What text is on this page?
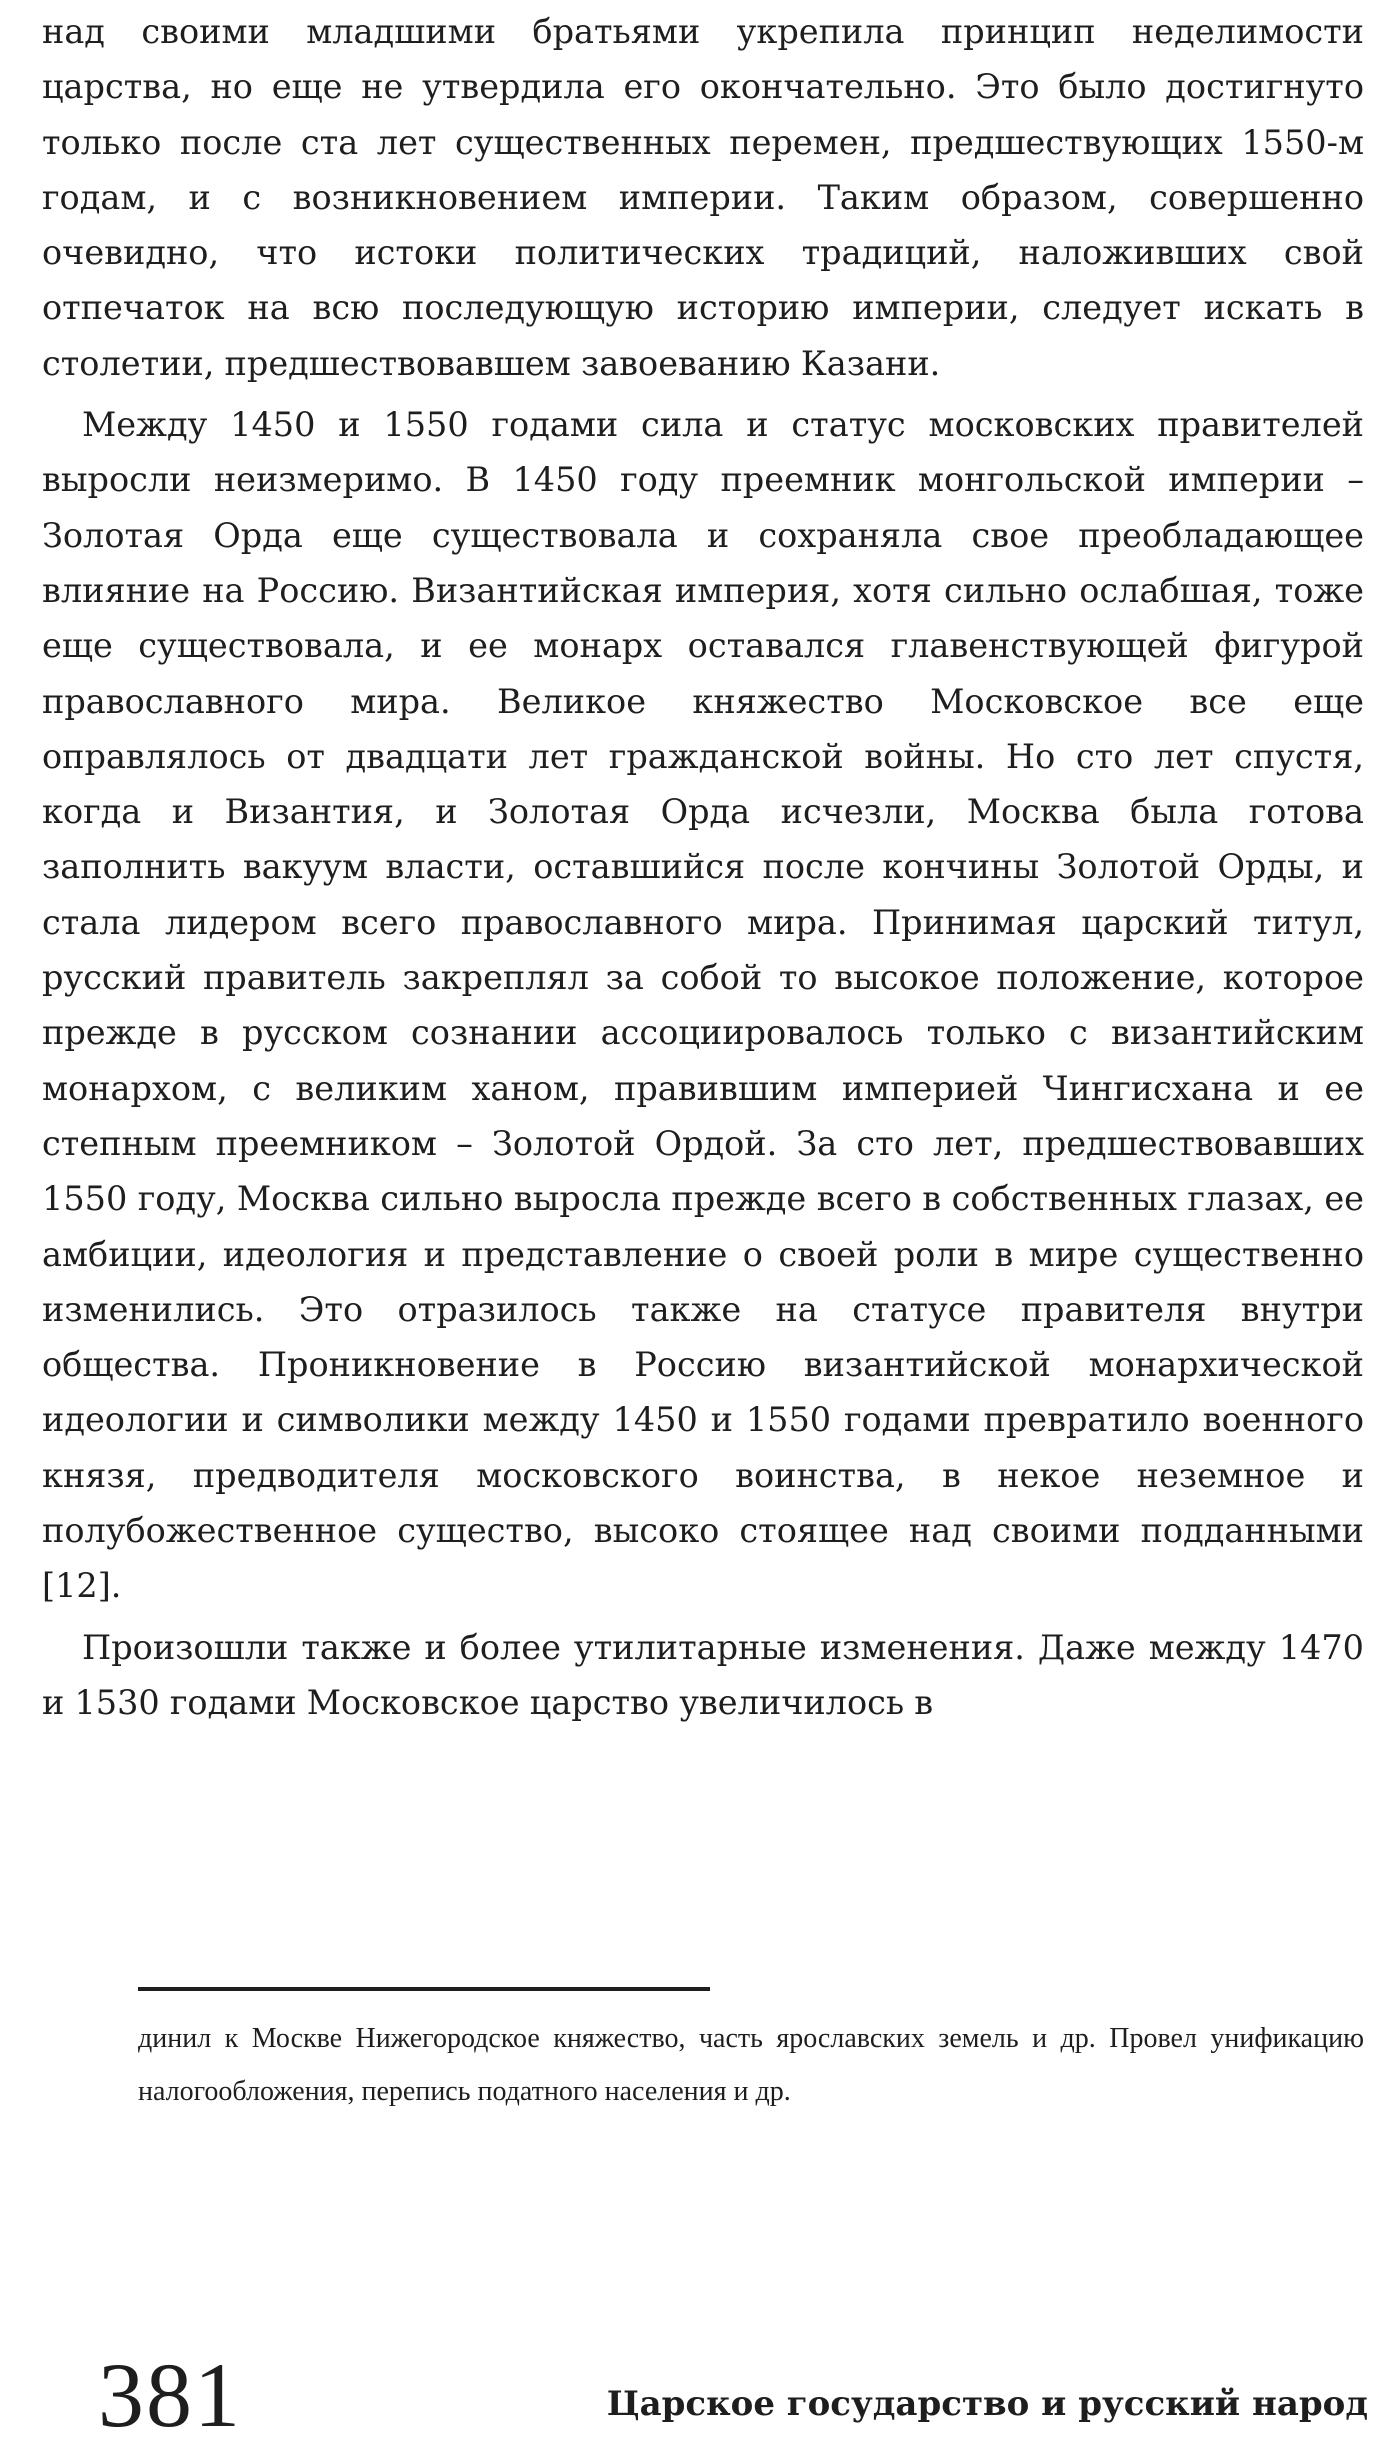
над своими младшими братьями укрепила принцип неделимости царства, но еще не утвердила его окончательно. Это было достигнуто только после ста лет существенных перемен, предшествующих 1550-м годам, и с возникновением империи. Таким образом, совершенно очевидно, что истоки политических традиций, наложивших свой отпечаток на всю последующую историю империи, следует искать в столетии, предшествовавшем завоеванию Казани.

Между 1450 и 1550 годами сила и статус московских правителей выросли неизмеримо. В 1450 году преемник монгольской империи – Золотая Орда еще существовала и сохраняла свое преобладающее влияние на Россию. Византийская империя, хотя сильно ослабшая, тоже еще существовала, и ее монарх оставался главенствующей фигурой православного мира. Великое княжество Московское все еще оправлялось от двадцати лет гражданской войны. Но сто лет спустя, когда и Византия, и Золотая Орда исчезли, Москва была готова заполнить вакуум власти, оставшийся после кончины Золотой Орды, и стала лидером всего православного мира. Принимая царский титул, русский правитель закреплял за собой то высокое положение, которое прежде в русском сознании ассоциировалось только с византийским монархом, с великим ханом, правившим империей Чингисхана и ее степным преемником – Золотой Ордой. За сто лет, предшествовавших 1550 году, Москва сильно выросла прежде всего в собственных глазах, ее амбиции, идеология и представление о своей роли в мире существенно изменились. Это отразилось также на статусе правителя внутри общества. Проникновение в Россию византийской монархической идеологии и символики между 1450 и 1550 годами превратило военного князя, предводителя московского воинства, в некое неземное и полубожественное существо, высоко стоящее над своими подданными [12].

Произошли также и более утилитарные изменения. Даже между 1470 и 1530 годами Московское царство увеличилось в

динил к Москве Нижегородское княжество, часть ярославских земель и др. Провел унификацию налогообложения, перепись податного населения и др.

381	Царское государство и русский народ
